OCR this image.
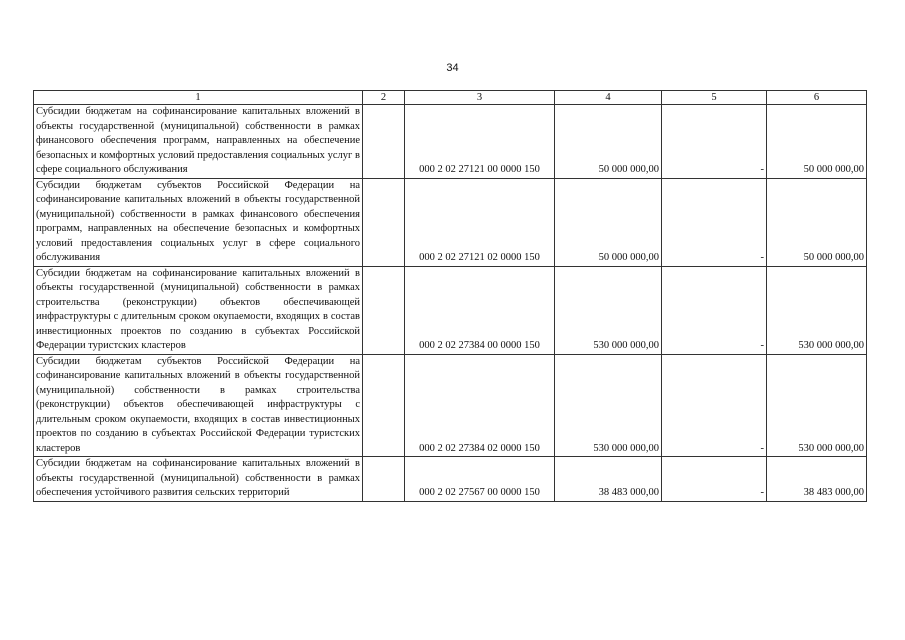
34
1	2	3	4	5	6
Субсидии бюджетам на софинансирование капитальных вложений в объекты государственной (муниципальной) собственности в рамках финансового обеспечения программ, направленных на обеспечение безопасных и комфортных условий предоставления социальных услуг в сфере социального обслуживания		000 2 02 27121 00 0000 150	50 000 000,00	-	50 000 000,00
Субсидии бюджетам субъектов Российской Федерации на софинансирование капитальных вложений в объекты государственной (муниципальной) собственности в рамках финансового обеспечения программ, направленных на обеспечение безопасных и комфортных условий предоставления социальных услуг в сфере социального обслуживания		000 2 02 27121 02 0000 150	50 000 000,00	-	50 000 000,00
Субсидии бюджетам на софинансирование капитальных вложений в объекты государственной (муниципальной) собственности в рамках строительства (реконструкции) объектов обеспечивающей инфраструктуры с длительным сроком окупаемости, входящих в состав инвестиционных проектов по созданию в субъектах Российской Федерации туристских кластеров		000 2 02 27384 00 0000 150	530 000 000,00	-	530 000 000,00
Субсидии бюджетам субъектов Российской Федерации на софинансирование капитальных вложений в объекты государственной (муниципальной) собственности в рамках строительства (реконструкции) объектов обеспечивающей инфраструктуры с длительным сроком окупаемости, входящих в состав инвестиционных проектов по созданию в субъектах Российской Федерации туристских кластеров		000 2 02 27384 02 0000 150	530 000 000,00	-	530 000 000,00
Субсидии бюджетам на софинансирование капитальных вложений в объекты государственной (муниципальной) собственности в рамках обеспечения устойчивого развития сельских территорий		000 2 02 27567 00 0000 150	38 483 000,00	-	38 483 000,00
